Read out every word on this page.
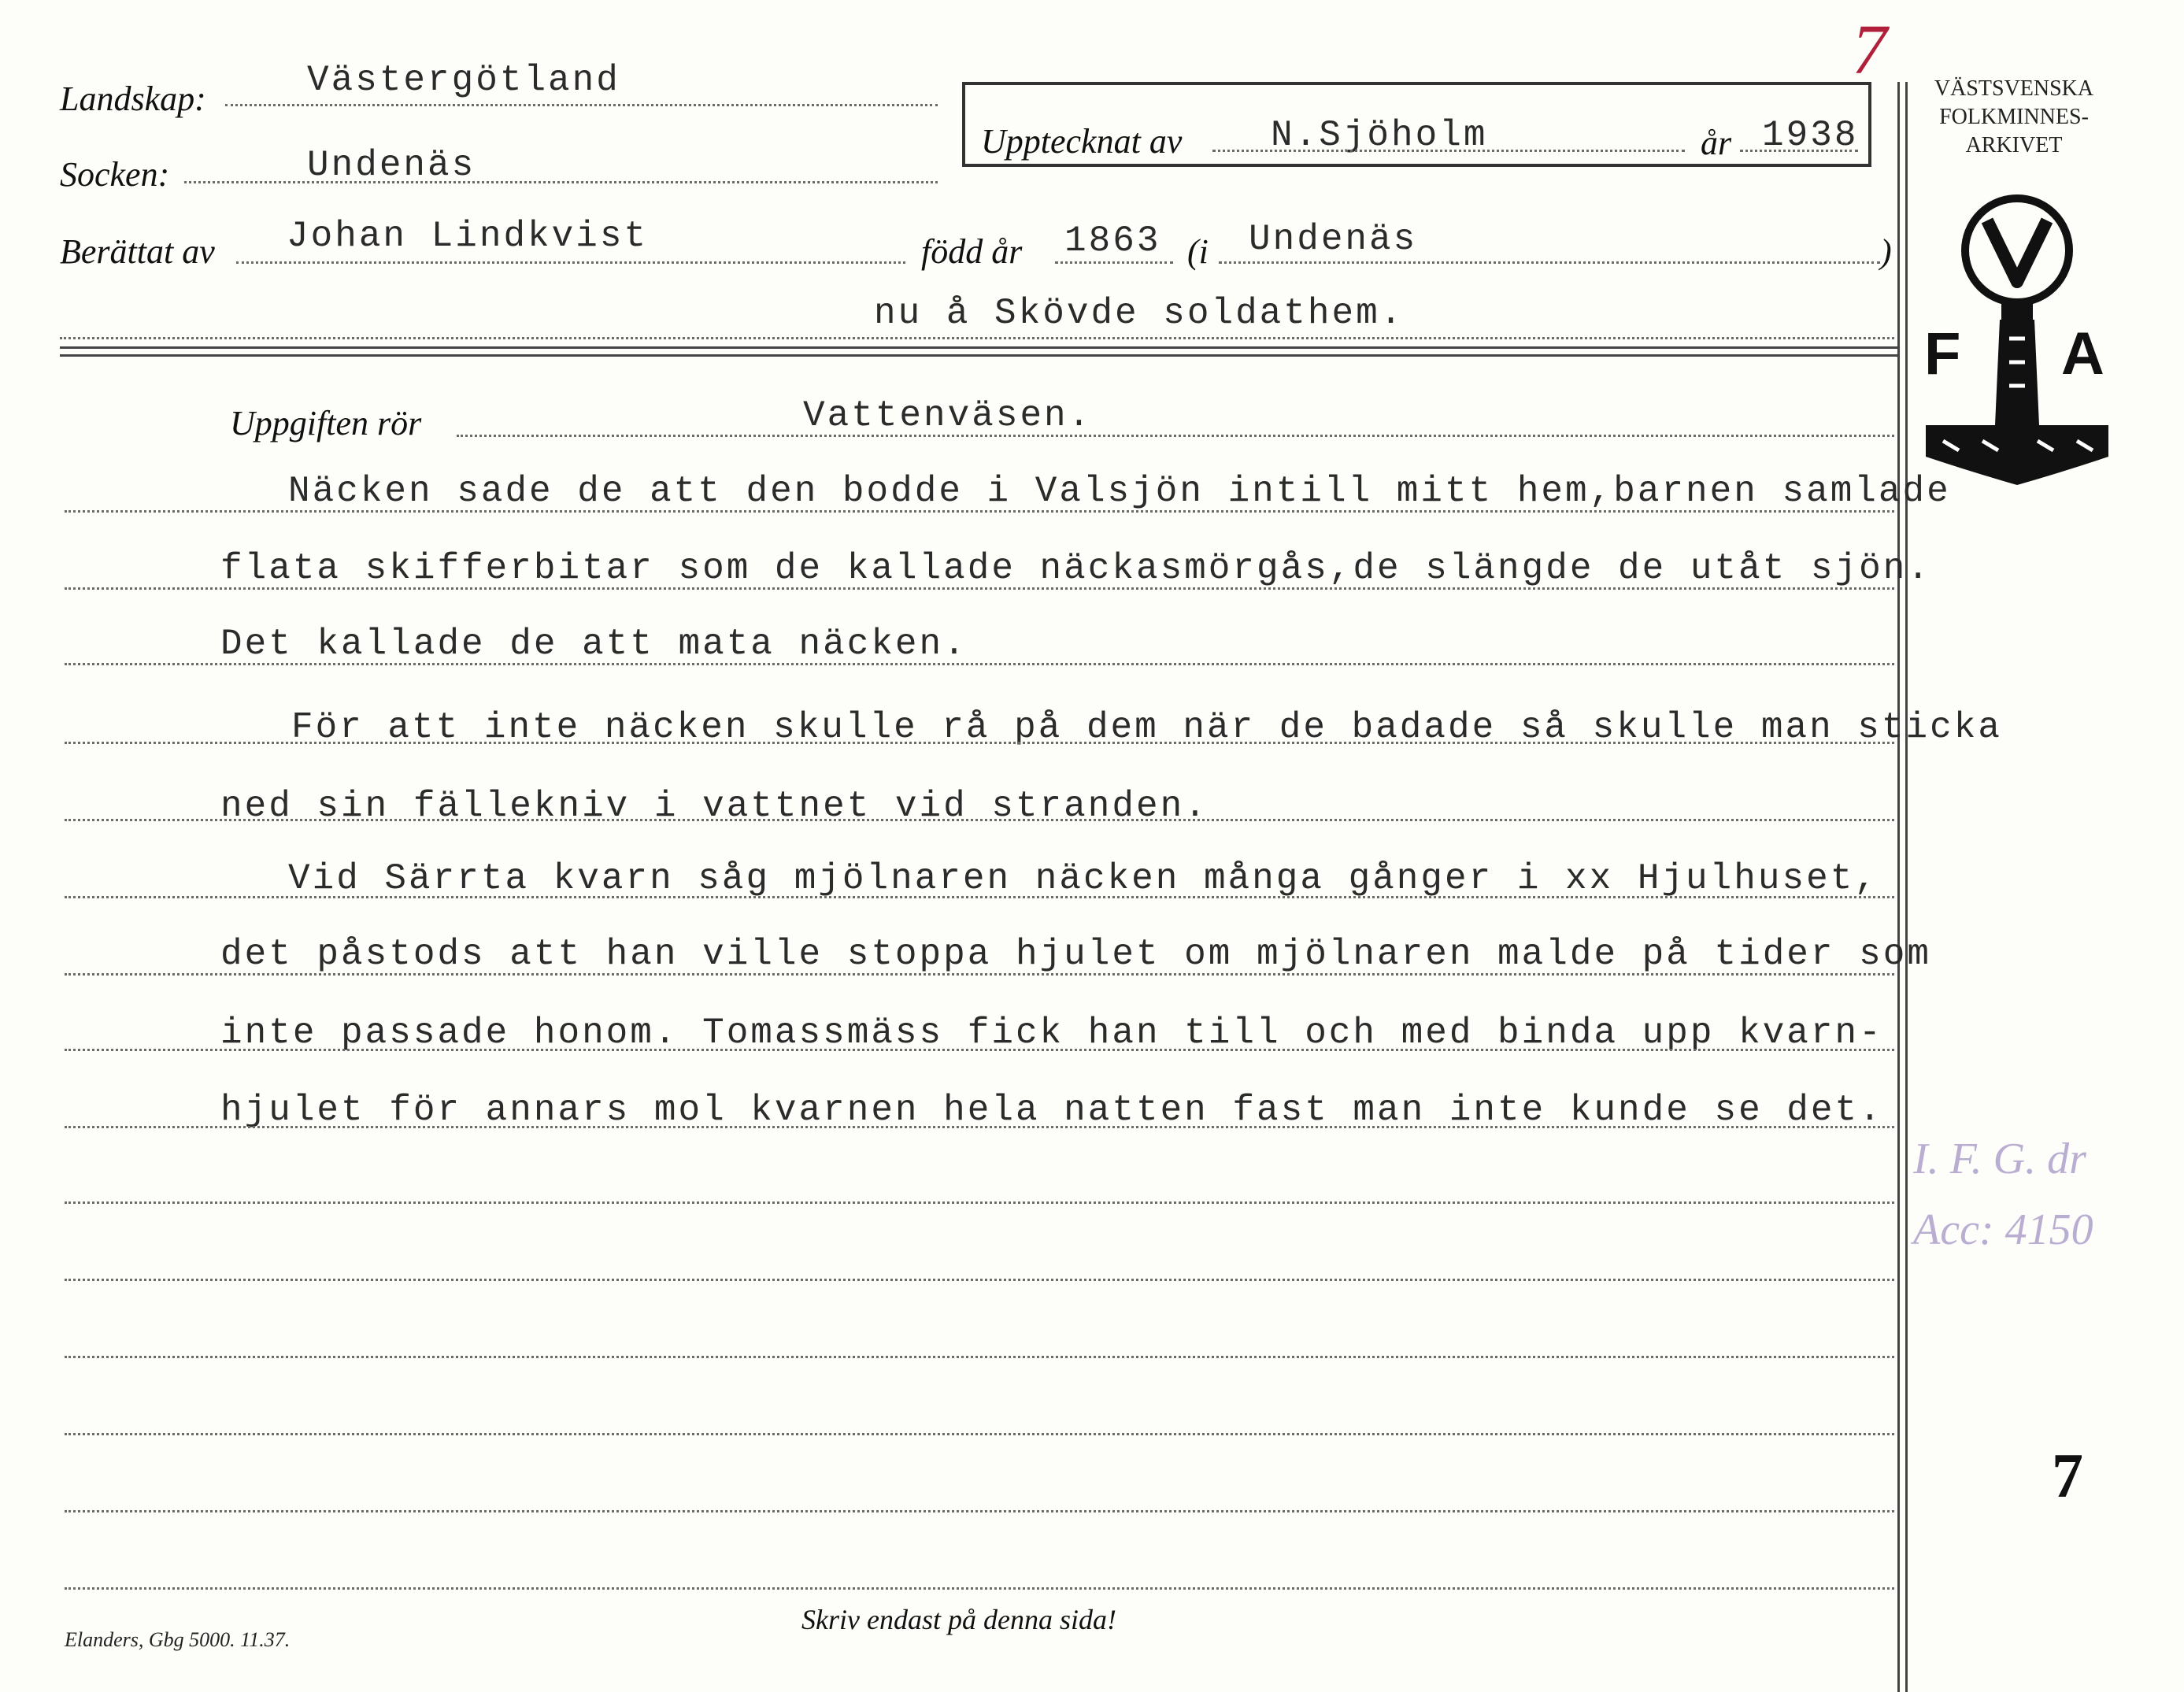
7
Landskap:	Västergötland
Socken:	Undenäs
Upptecknat av N.Sjöholm	år 1938
Berättat av Johan Lindkvist	född år 1863 (i Undenäs	)
nu å Skövde soldathem.
VÄSTSVENSKA
FOLKMINNES-
ARKIVET
F A
I. F. G. dr
Acc: 4150
7
Uppgiften rör	Vattenväsen.
Näcken sade de att den bodde i Valsjön intill mitt hem,barnen samlade
flata skifferbitar som de kallade näckasmörgås,de slängde de utåt sjön.
Det kallade de att mata näcken.
För att inte näcken skulle rå på dem när de badade så skulle man sticka
ned sin fällekniv i vattnet vid stranden.
Vid Särrta kvarn såg mjölnaren näcken många gånger i xx Hjulhuset,
det påstods att han ville stoppa hjulet om mjölnaren malde på tider som
inte passade honom. Tomassmäss fick han till och med binda upp kvarn-
hjulet för annars mol kvarnen hela natten fast man inte kunde se det.
Elanders, Gbg 5000. 11.37.
Skriv endast på denna sida!
